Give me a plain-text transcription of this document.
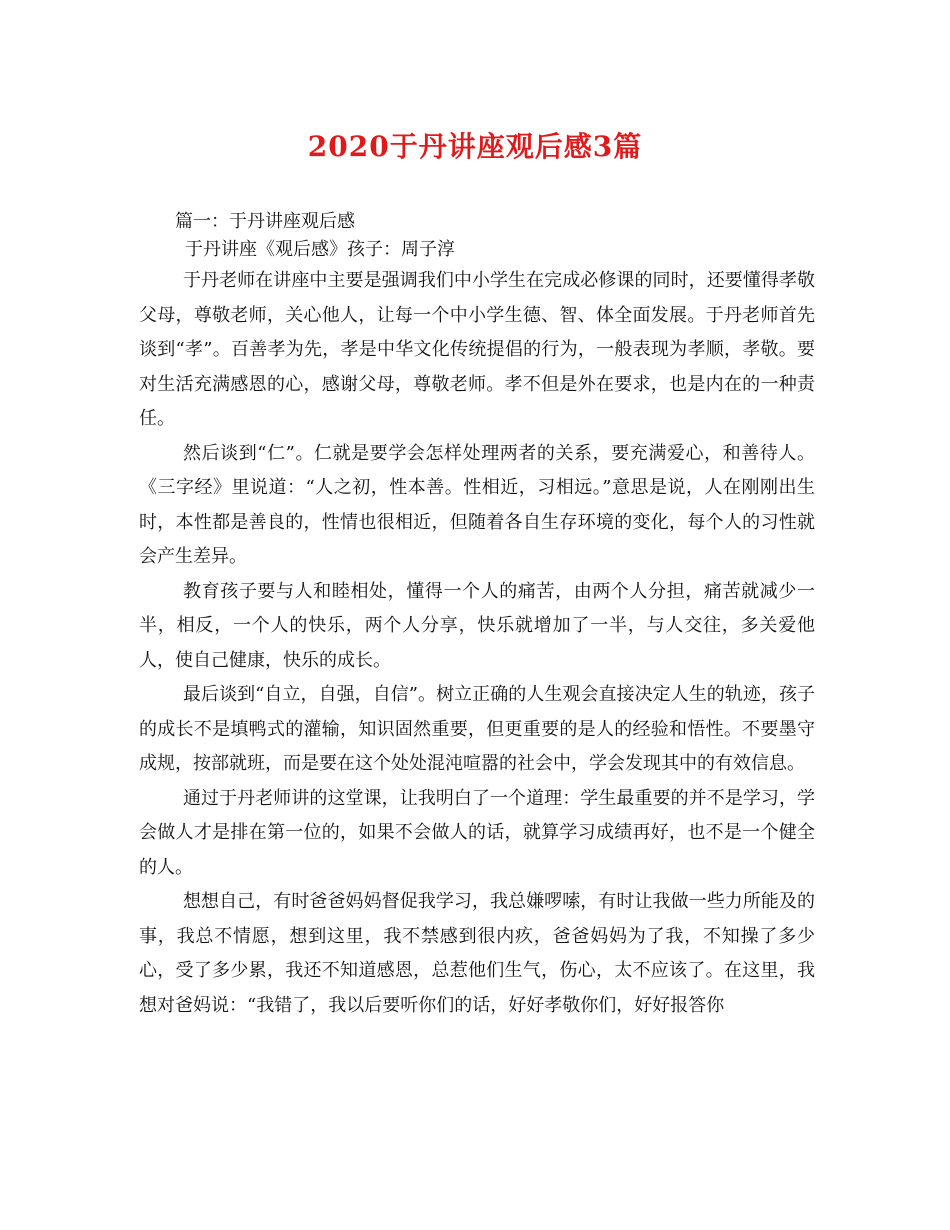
2020于丹讲座观后感3篇

篇一：于丹讲座观后感

于丹讲座《观后感》孩子：周子淳

于丹老师在讲座中主要是强调我们中小学生在完成必修课的同时，还要懂得孝敬父母，尊敬老师，关心他人，让每一个中小学生德、智、体全面发展。于丹老师首先谈到“孝”。百善孝为先，孝是中华文化传统提倡的行为，一般表现为孝顺，孝敬。要对生活充满感恩的心，感谢父母，尊敬老师。孝不但是外在要求，也是内在的一种责任。

然后谈到“仁”。仁就是要学会怎样处理两者的关系，要充满爱心，和善待人。《三字经》里说道：“人之初，性本善。性相近，习相远。”意思是说，人在刚刚出生时，本性都是善良的，性情也很相近，但随着各自生存环境的变化，每个人的习性就会产生差异。

教育孩子要与人和睦相处，懂得一个人的痛苦，由两个人分担，痛苦就减少一半，相反，一个人的快乐，两个人分享，快乐就增加了一半，与人交往，多关爱他人，使自己健康，快乐的成长。

最后谈到“自立，自强，自信”。树立正确的人生观会直接决定人生的轨迹，孩子的成长不是填鸭式的灌输，知识固然重要，但更重要的是人的经验和悟性。不要墨守成规，按部就班，而是要在这个处处混沌喧嚣的社会中，学会发现其中的有效信息。

通过于丹老师讲的这堂课，让我明白了一个道理：学生最重要的并不是学习，学会做人才是排在第一位的，如果不会做人的话，就算学习成绩再好，也不是一个健全的人。

想想自己，有时爸爸妈妈督促我学习，我总嫌啰嗦，有时让我做一些力所能及的事，我总不情愿，想到这里，我不禁感到很内疚，爸爸妈妈为了我，不知操了多少心，受了多少累，我还不知道感恩，总惹他们生气，伤心，太不应该了。在这里，我想对爸妈说：“我错了，我以后要听你们的话，好好孝敬你们，好好报答你
